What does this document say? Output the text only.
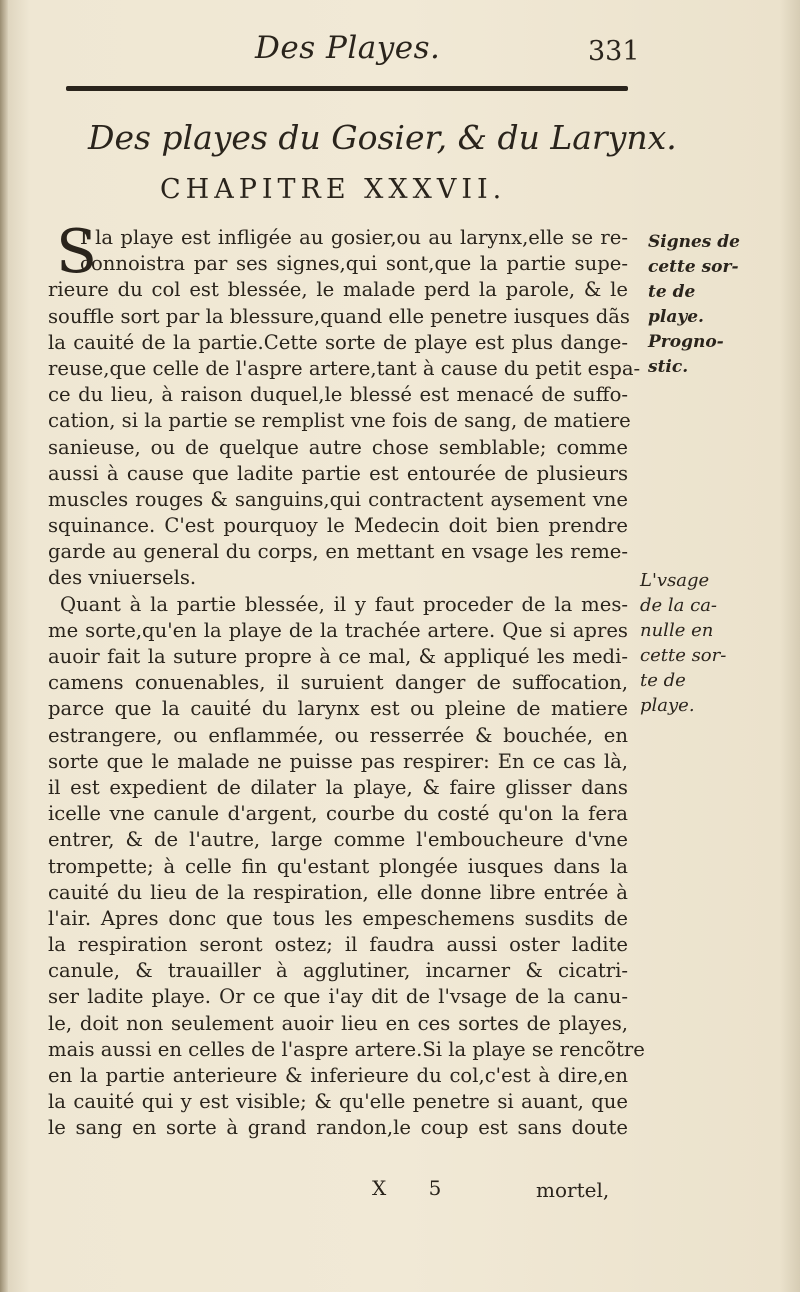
Des Playes.	331
Des playes du Gosier, & du Larynx.
CHAPITRE XXXVII.
S
I la playe est infligée au gosier,ou au larynx,elle se re-
connoistra par ses signes,qui sont,que la partie supe-
rieure du col est blessée, le malade perd la parole, & le
souffle sort par la blessure,quand elle penetre iusques dãs
la cauité de la partie.Cette sorte de playe est plus dange-
reuse,que celle de l'aspre artere,tant à cause du petit espa-
ce du lieu, à raison duquel,le blessé est menacé de suffo-
cation, si la partie se remplist vne fois de sang, de matiere
sanieuse, ou de quelque autre chose semblable; comme
aussi à cause que ladite partie est entourée de plusieurs
muscles rouges & sanguins,qui contractent aysement vne
squinance. C'est pourquoy le Medecin doit bien prendre
garde au general du corps, en mettant en vsage les reme-
des vniuersels.
Quant à la partie blessée, il y faut proceder de la mes-
me sorte,qu'en la playe de la trachée artere. Que si apres
auoir fait la suture propre à ce mal, & appliqué les medi-
camens conuenables, il suruient danger de suffocation,
parce que la cauité du larynx est ou pleine de matiere
estrangere, ou enflammée, ou resserrée & bouchée, en
sorte que le malade ne puisse pas respirer: En ce cas là,
il est expedient de dilater la playe, & faire glisser dans
icelle vne canule d'argent, courbe du costé qu'on la fera
entrer, & de l'autre, large comme l'emboucheure d'vne
trompette; à celle fin qu'estant plongée iusques dans la
cauité du lieu de la respiration, elle donne libre entrée à
l'air. Apres donc que tous les empeschemens susdits de
la respiration seront ostez; il faudra aussi oster ladite
canule, & trauailler à agglutiner, incarner & cicatri-
ser ladite playe. Or ce que i'ay dit de l'vsage de la canu-
le, doit non seulement auoir lieu en ces sortes de playes,
mais aussi en celles de l'aspre artere.Si la playe se rencõtre
en la partie anterieure & inferieure du col,c'est à dire,en
la cauité qui y est visible; & qu'elle penetre si auant, que
le sang en sorte à grand randon,le coup est sans doute
Signes de
cette sor-
te de
playe.
Progno-
stic.
L'vsage
de la ca-
nulle en
cette sor-
te de
playe.
X 5	mortel,
